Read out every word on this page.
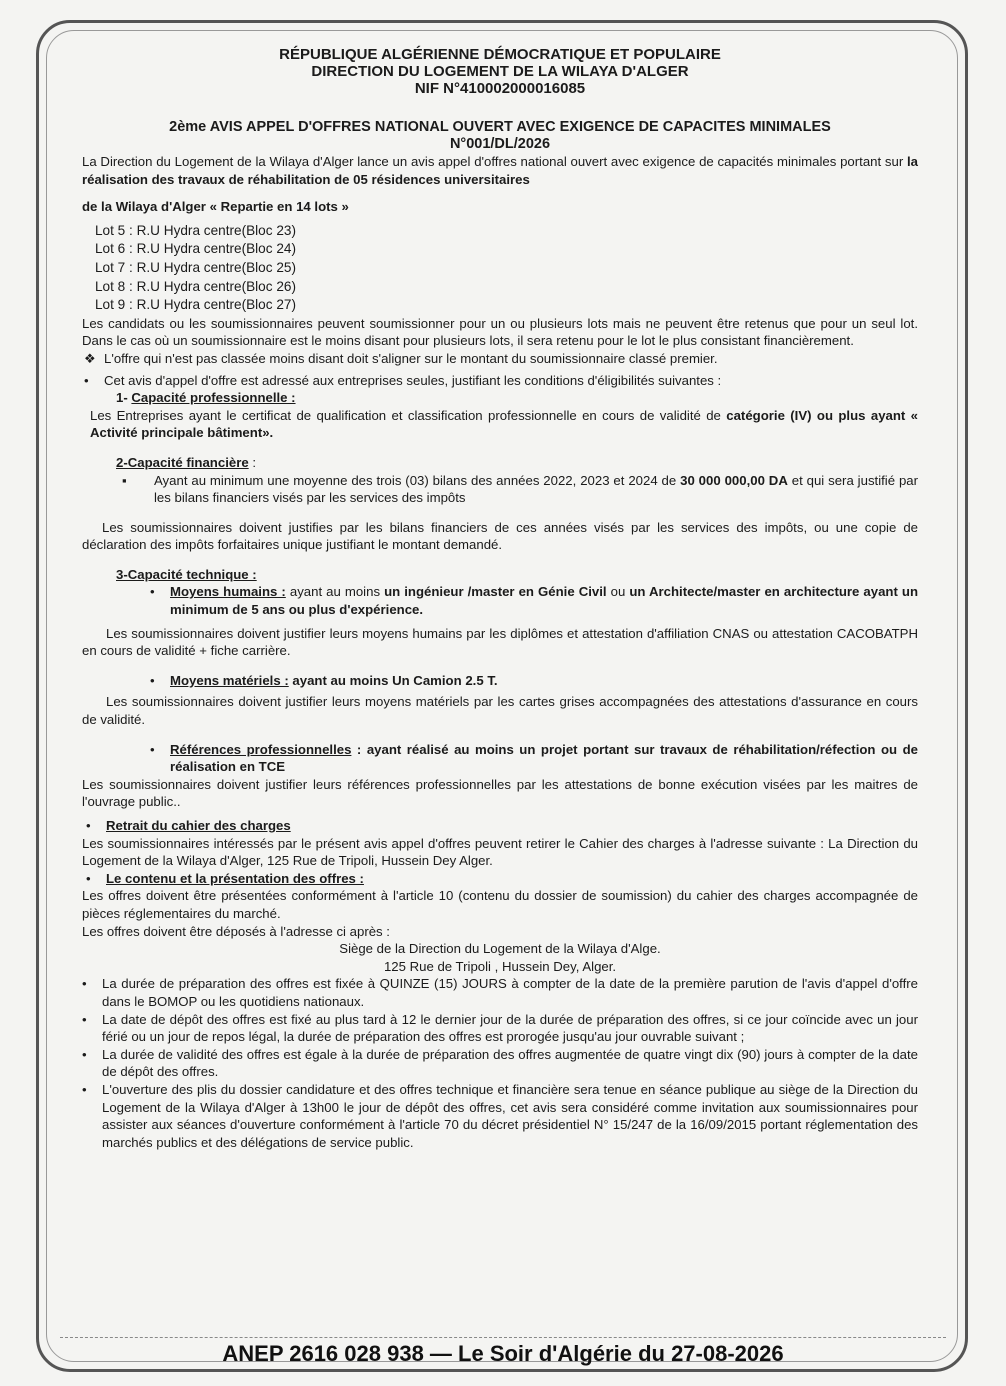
RÉPUBLIQUE ALGÉRIENNE DÉMOCRATIQUE ET POPULAIRE
DIRECTION DU LOGEMENT DE LA WILAYA D'ALGER
NIF N°410002000016085
2ème AVIS APPEL D'OFFRES NATIONAL OUVERT AVEC EXIGENCE DE CAPACITES MINIMALES
N°001/DL/2026

La Direction du Logement de la Wilaya d'Alger lance un avis appel d'offres national ouvert avec exigence de capacités minimales portant sur la réalisation des travaux de réhabilitation de 05 résidences universitaires

de la Wilaya d'Alger « Repartie en 14 lots »

Lot 5 : R.U Hydra centre(Bloc 23)
Lot 6 : R.U Hydra centre(Bloc 24)
Lot 7 : R.U Hydra centre(Bloc 25)
Lot 8 : R.U Hydra centre(Bloc 26)
Lot 9 : R.U Hydra centre(Bloc 27)

Les candidats ou les soumissionnaires peuvent soumissionner pour un ou plusieurs lots mais ne peuvent être retenus que pour un seul lot. Dans le cas où un soumissionnaire est le moins disant pour plusieurs lots, il sera retenu pour le lot le plus consistant financièrement.

❖ L'offre qui n'est pas classée moins disant doit s'aligner sur le montant du soumissionnaire classé premier.
•	Cet avis d'appel d'offre est adressé aux entreprises seules, justifiant les conditions d'éligibilités suivantes :
1- Capacité professionnelle :

Les Entreprises ayant le certificat de qualification et classification professionnelle en cours de validité de catégorie (IV) ou plus ayant « Activité principale bâtiment».

2-Capacité financière :
▪	Ayant au minimum une moyenne des trois (03) bilans des années 2022, 2023 et 2024 de 30 000 000,00 DA et qui sera justifié par les bilans financiers visés par les services des impôts

Les soumissionnaires doivent justifies par les bilans financiers de ces années visés par les services des impôts, ou une copie de déclaration des impôts forfaitaires unique justifiant le montant demandé.

3-Capacité technique :
•	Moyens humains : ayant au moins un ingénieur /master en Génie Civil ou un Architecte/master en architecture ayant un minimum de 5 ans ou plus d'expérience.

Les soumissionnaires doivent justifier leurs moyens humains par les diplômes et attestation d'affiliation CNAS ou attestation CACOBATPH en cours de validité + fiche carrière.

•	Moyens matériels : ayant au moins Un Camion 2.5 T.

Les soumissionnaires doivent justifier leurs moyens matériels par les cartes grises accompagnées des attestations d'assurance en cours de validité.

•	Références professionnelles : ayant réalisé au moins un projet portant sur travaux de réhabilitation/réfection ou de réalisation en TCE

Les soumissionnaires doivent justifier leurs références professionnelles par les attestations de bonne exécution visées par les maitres de l'ouvrage public..

•	Retrait du cahier des charges

Les soumissionnaires intéressés par le présent avis appel d'offres peuvent retirer le Cahier des charges à l'adresse suivante : La Direction du Logement de la Wilaya d'Alger, 125 Rue de Tripoli, Hussein Dey Alger.

•	Le contenu et la présentation des offres :

Les offres doivent être présentées conformément à l'article 10 (contenu du dossier de soumission) du cahier des charges accompagnée de pièces réglementaires du marché.

Les offres doivent être déposés à l'adresse ci après :

Siège de la Direction du Logement de la Wilaya d'Alge.
125 Rue de Tripoli , Hussein Dey, Alger.
•	La durée de préparation des offres est fixée à QUINZE (15) JOURS à compter de la date de la première parution de l'avis d'appel d'offre dans le BOMOP ou les quotidiens nationaux.

•	La date de dépôt des offres est fixé au plus tard à 12 le dernier jour de la durée de préparation des offres, si ce jour coïncide avec un jour férié ou un jour de repos légal, la durée de préparation des offres est prorogée jusqu'au jour ouvrable suivant ;

•	La durée de validité des offres est égale à la durée de préparation des offres augmentée de quatre vingt dix (90) jours à compter de la date de dépôt des offres.

•	L'ouverture des plis du dossier candidature et des offres technique et financière sera tenue en séance publique au siège de la Direction du Logement de la Wilaya d'Alger à 13h00 le jour de dépôt des offres, cet avis sera considéré comme invitation aux soumissionnaires pour assister aux séances d'ouverture conformément à l'article 70 du décret présidentiel N° 15/247 de la 16/09/2015 portant réglementation des marchés publics et des délégations de service public.

ANEP 2616 028 938 — Le Soir d'Algérie du 27-08-2026
